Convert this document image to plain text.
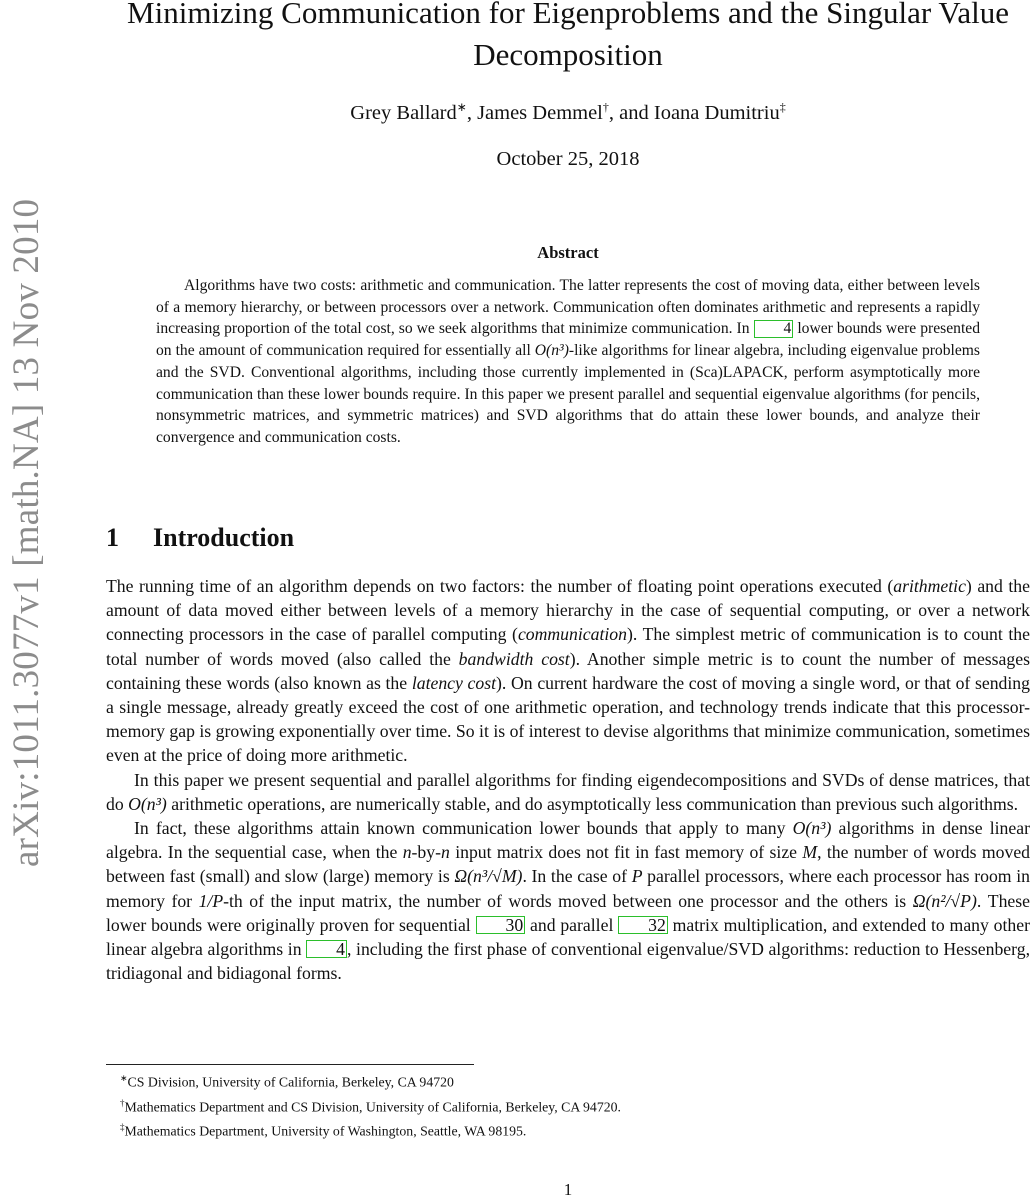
arXiv:1011.3077v1 [math.NA] 13 Nov 2010
Minimizing Communication for Eigenproblems and the Singular Value Decomposition
Grey Ballard∗, James Demmel†, and Ioana Dumitriu‡
October 25, 2018
Abstract

Algorithms have two costs: arithmetic and communication. The latter represents the cost of moving data, either between levels of a memory hierarchy, or between processors over a network. Communication often dominates arithmetic and represents a rapidly increasing proportion of the total cost, so we seek algorithms that minimize communication. In 4 lower bounds were presented on the amount of communication required for essentially all O(n³)-like algorithms for linear algebra, including eigenvalue problems and the SVD. Conventional algorithms, including those currently implemented in (Sca)LAPACK, perform asymptotically more communication than these lower bounds require. In this paper we present parallel and sequential eigenvalue algorithms (for pencils, nonsymmetric matrices, and symmetric matrices) and SVD algorithms that do attain these lower bounds, and analyze their convergence and communication costs.

1 Introduction

The running time of an algorithm depends on two factors: the number of floating point operations executed (arithmetic) and the amount of data moved either between levels of a memory hierarchy in the case of sequential computing, or over a network connecting processors in the case of parallel computing (communication). The simplest metric of communication is to count the total number of words moved (also called the bandwidth cost). Another simple metric is to count the number of messages containing these words (also known as the latency cost). On current hardware the cost of moving a single word, or that of sending a single message, already greatly exceed the cost of one arithmetic operation, and technology trends indicate that this processor-memory gap is growing exponentially over time. So it is of interest to devise algorithms that minimize communication, sometimes even at the price of doing more arithmetic.

In this paper we present sequential and parallel algorithms for finding eigendecompositions and SVDs of dense matrices, that do O(n³) arithmetic operations, are numerically stable, and do asymptotically less communication than previous such algorithms.

In fact, these algorithms attain known communication lower bounds that apply to many O(n³) algorithms in dense linear algebra. In the sequential case, when the n-by-n input matrix does not fit in fast memory of size M, the number of words moved between fast (small) and slow (large) memory is Ω(n³/√M). In the case of P parallel processors, where each processor has room in memory for 1/P-th of the input matrix, the number of words moved between one processor and the others is Ω(n²/√P). These lower bounds were originally proven for sequential 30 and parallel 32 matrix multiplication, and extended to many other linear algebra algorithms in 4 , including the first phase of conventional eigenvalue/SVD algorithms: reduction to Hessenberg, tridiagonal and bidiagonal forms.

∗CS Division, University of California, Berkeley, CA 94720
†Mathematics Department and CS Division, University of California, Berkeley, CA 94720.
‡Mathematics Department, University of Washington, Seattle, WA 98195.
1
